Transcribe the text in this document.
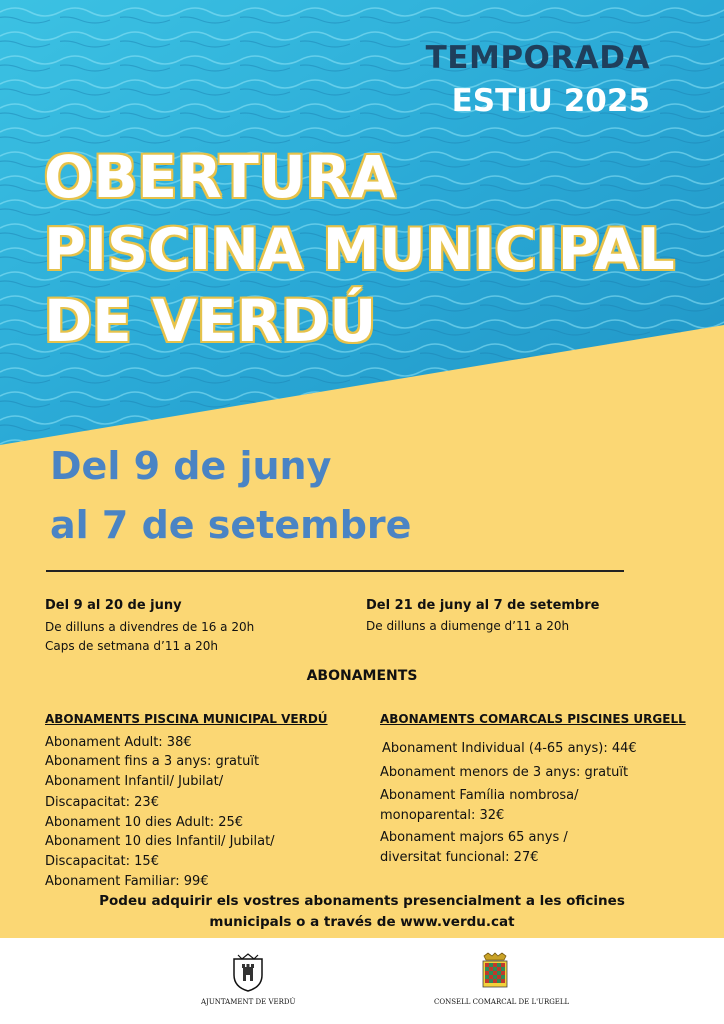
TEMPORADA
ESTIU 2025
OBERTURA
PISCINA MUNICIPAL
DE VERDÚ
Del 9 de juny
al 7 de setembre
Del 9 al 20 de juny
De dilluns a divendres de 16 a 20h
Caps de setmana d’11 a 20h
Del 21 de juny al 7 de setembre
De dilluns a diumenge d’11 a 20h
ABONAMENTS
ABONAMENTS PISCINA MUNICIPAL VERDÚ
Abonament Adult: 38€
Abonament fins a 3 anys: gratuït
Abonament Infantil/ Jubilat/
Discapacitat: 23€
Abonament 10 dies Adult: 25€
Abonament 10 dies Infantil/ Jubilat/
Discapacitat: 15€
Abonament Familiar: 99€
ABONAMENTS COMARCALS PISCINES URGELL
Abonament Individual (4-65 anys): 44€
Abonament menors de 3 anys: gratuït
Abonament Família nombrosa/
monoparental: 32€
Abonament majors 65 anys /
diversitat funcional: 27€
Podeu adquirir els vostres abonaments presencialment a les oficines
municipals o a través de www.verdu.cat
AJUNTAMENT DE VERDÚ	CONSELL COMARCAL DE L'URGELL
